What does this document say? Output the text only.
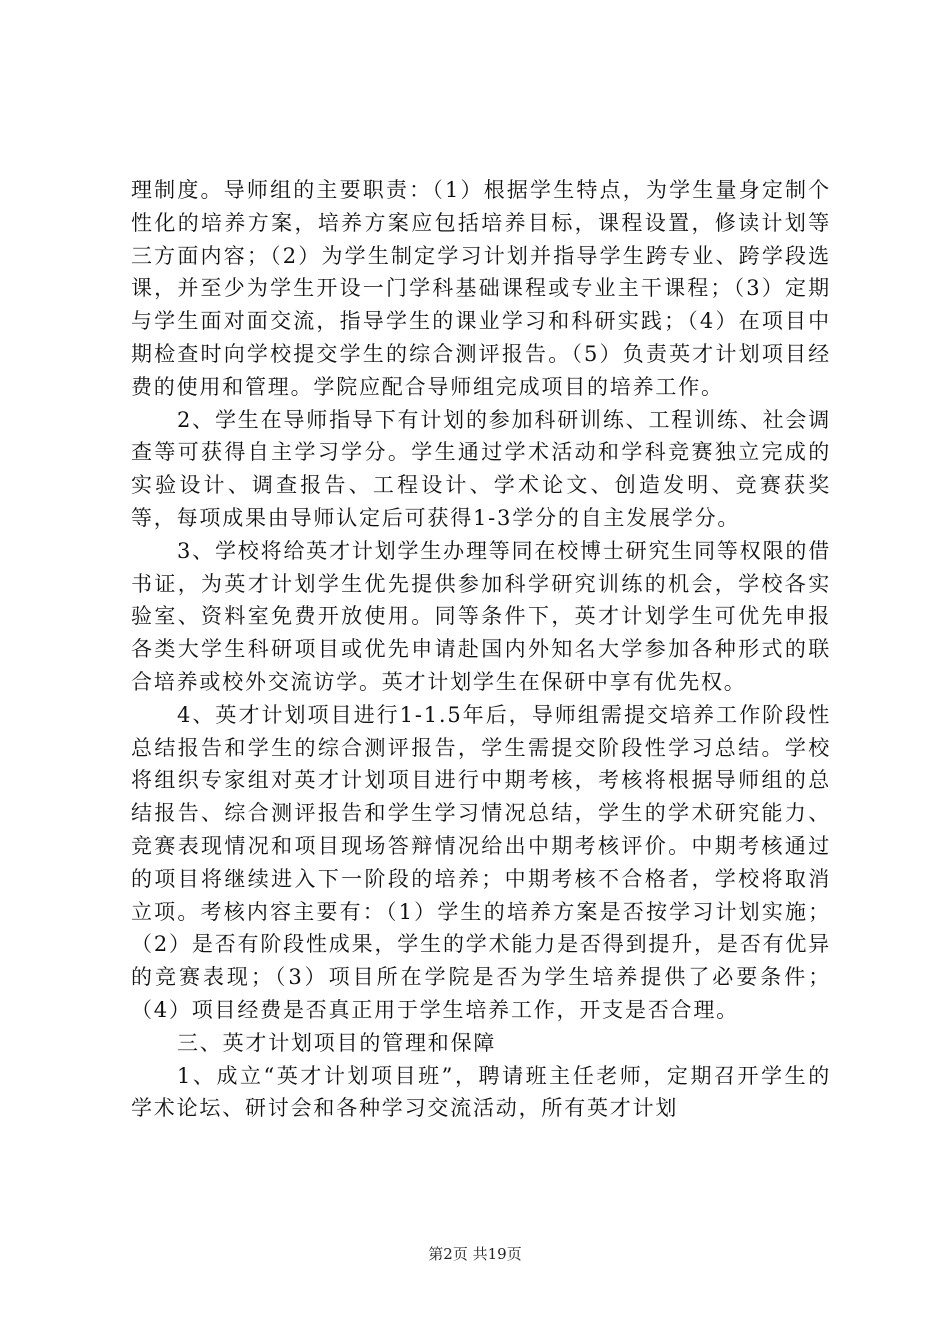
理制度。导师组的主要职责：（1）根据学生特点，为学生量身定制个性化的培养方案，培养方案应包括培养目标，课程设置，修读计划等三方面内容；（2）为学生制定学习计划并指导学生跨专业、跨学段选课，并至少为学生开设一门学科基础课程或专业主干课程；（3）定期与学生面对面交流，指导学生的课业学习和科研实践；（4）在项目中期检查时向学校提交学生的综合测评报告。（5）负责英才计划项目经费的使用和管理。学院应配合导师组完成项目的培养工作。

2、学生在导师指导下有计划的参加科研训练、工程训练、社会调查等可获得自主学习学分。学生通过学术活动和学科竞赛独立完成的实验设计、调查报告、工程设计、学术论文、创造发明、竞赛获奖等，每项成果由导师认定后可获得1-3学分的自主发展学分。

3、学校将给英才计划学生办理等同在校博士研究生同等权限的借书证，为英才计划学生优先提供参加科学研究训练的机会，学校各实验室、资料室免费开放使用。同等条件下，英才计划学生可优先申报各类大学生科研项目或优先申请赴国内外知名大学参加各种形式的联合培养或校外交流访学。英才计划学生在保研中享有优先权。

4、英才计划项目进行1-1.5年后，导师组需提交培养工作阶段性总结报告和学生的综合测评报告，学生需提交阶段性学习总结。学校将组织专家组对英才计划项目进行中期考核，考核将根据导师组的总结报告、综合测评报告和学生学习情况总结，学生的学术研究能力、竞赛表现情况和项目现场答辩情况给出中期考核评价。中期考核通过的项目将继续进入下一阶段的培养；中期考核不合格者，学校将取消立项。考核内容主要有：（1）学生的培养方案是否按学习计划实施；（2）是否有阶段性成果，学生的学术能力是否得到提升，是否有优异的竞赛表现；（3）项目所在学院是否为学生培养提供了必要条件；（4）项目经费是否真正用于学生培养工作，开支是否合理。

三、英才计划项目的管理和保障

1、成立“英才计划项目班”，聘请班主任老师，定期召开学生的学术论坛、研讨会和各种学习交流活动，所有英才计划

第2页 共19页
